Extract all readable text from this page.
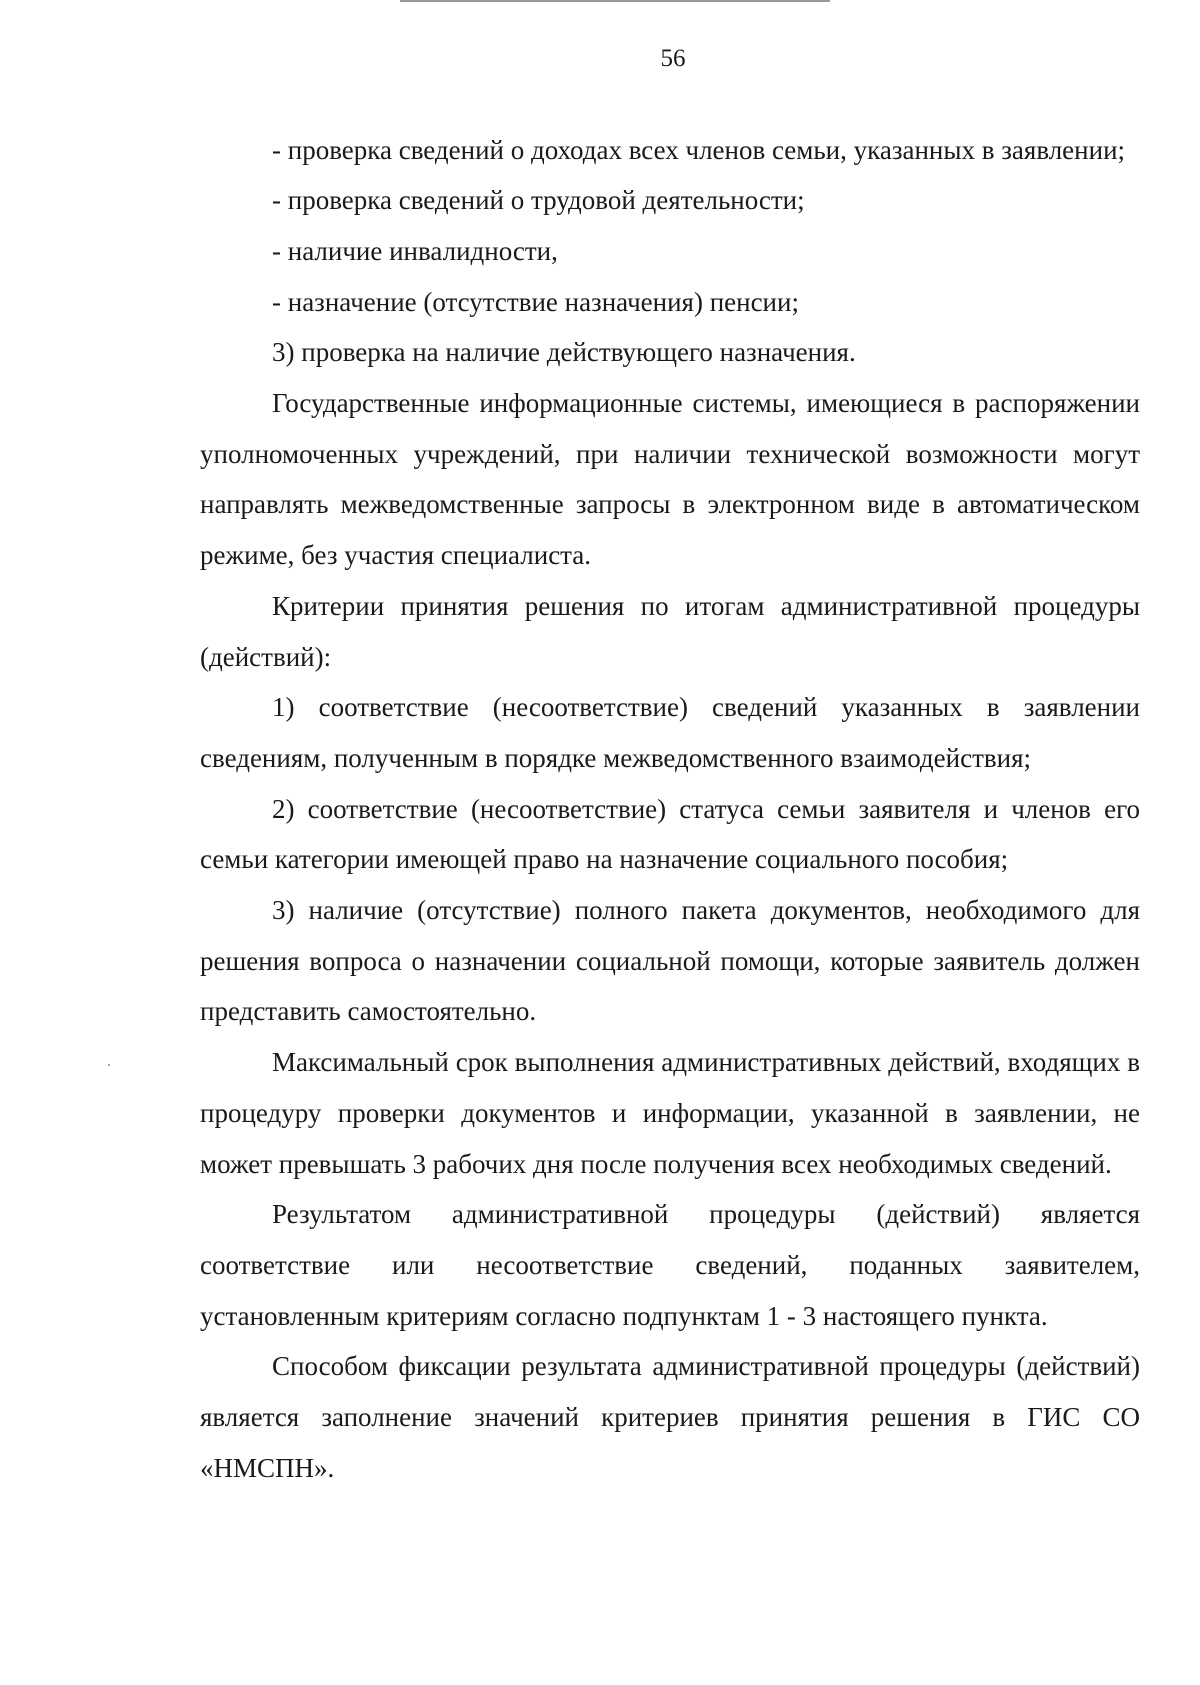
56

- проверка сведений о доходах всех членов семьи, указанных в заявлении;

- проверка сведений о трудовой деятельности;

- наличие инвалидности,

- назначение (отсутствие назначения) пенсии;

3) проверка на наличие действующего назначения.

Государственные информационные системы, имеющиеся в распоряжении уполномоченных учреждений, при наличии технической возможности могут направлять межведомственные запросы в электронном виде в автоматическом режиме, без участия специалиста.

Критерии принятия решения по итогам административной процедуры (действий):

1) соответствие (несоответствие) сведений указанных в заявлении сведениям, полученным в порядке межведомственного взаимодействия;

2) соответствие (несоответствие) статуса семьи заявителя и членов его семьи категории имеющей право на назначение социального пособия;

3) наличие (отсутствие) полного пакета документов, необходимого для решения вопроса о назначении социальной помощи, которые заявитель должен представить самостоятельно.

Максимальный срок выполнения административных действий, входящих в процедуру проверки документов и информации, указанной в заявлении, не может превышать 3 рабочих дня после получения всех необходимых сведений.

Результатом административной процедуры (действий) является соответствие или несоответствие сведений, поданных заявителем, установленным критериям согласно подпунктам 1 - 3 настоящего пункта.

Способом фиксации результата административной процедуры (действий) является заполнение значений критериев принятия решения в ГИС СО «НМСПН».
